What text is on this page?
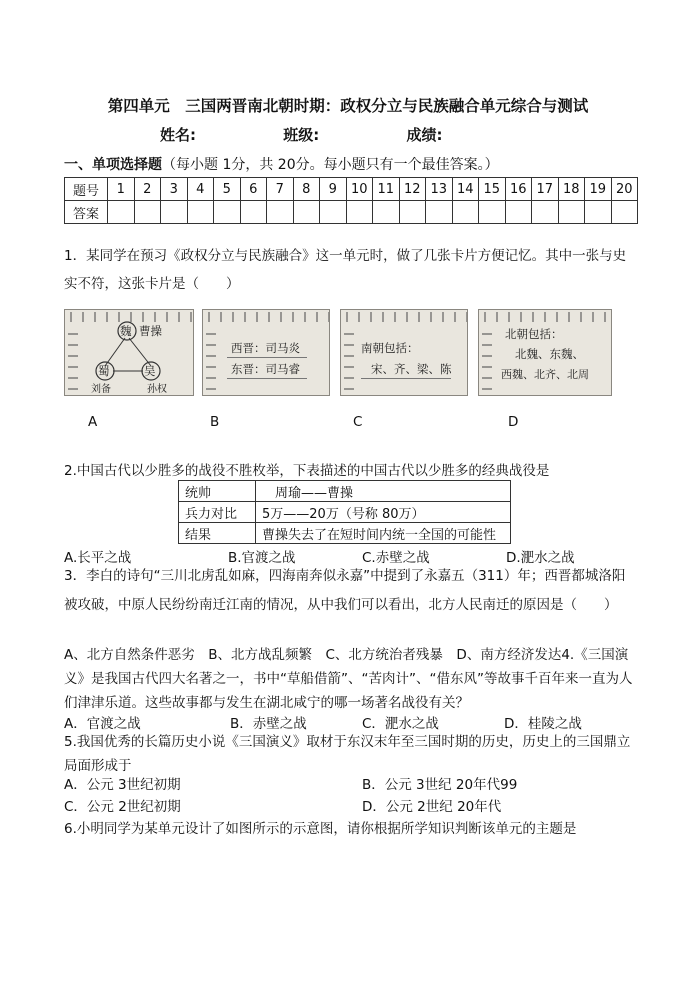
第四单元　三国两晋南北朝时期：政权分立与民族融合单元综合与测试
姓名:	班级:	成绩:
一、单项选择题（每小题 1分，共 20分。每小题只有一个最佳答案。）
题号	1	2	3	4	5	6	7	8	9	10	11	12	13	14	15	16	17	18	19	20
答案																				
1．某同学在预习《政权分立与民族融合》这一单元时，做了几张卡片方便记忆。其中一张与史实不符，这张卡片是（　　）
魏 曹操
蜀	吴
刘备	孙权
西晋：司马炎
东晋：司马睿
南朝包括：
宋、齐、梁、陈
北朝包括：
北魏、东魏、
西魏、北齐、北周
A	B	C	D
2.中国古代以少胜多的战役不胜枚举，下表描述的中国古代以少胜多的经典战役是
统帅	　周瑜——曹操
兵力对比	5万——20万（号称 80万）
结果	曹操失去了在短时间内统一全国的可能性
A.长平之战	B.官渡之战	C.赤壁之战	D.淝水之战
3．李白的诗句“三川北虏乱如麻，四海南奔似永嘉”中提到了永嘉五（311）年；西晋都城洛阳被攻破，中原人民纷纷南迁江南的情况，从中我们可以看出，北方人民南迁的原因是（　　）
A、北方自然条件恶劣　B、北方战乱频繁　C、北方统治者残暴　D、南方经济发达4.《三国演义》是我国古代四大名著之一，书中“草船借箭”、“苦肉计”、“借东风”等故事千百年来一直为人们津津乐道。这些故事都与发生在湖北咸宁的哪一场著名战役有关？
A．官渡之战	B．赤壁之战	C．淝水之战	D．桂陵之战
5.我国优秀的长篇历史小说《三国演义》取材于东汉末年至三国时期的历史，历史上的三国鼎立局面形成于
A．公元 3世纪初期	B．公元 3世纪 20年代99
C．公元 2世纪初期	D．公元 2世纪 20年代
6.小明同学为某单元设计了如图所示的示意图，请你根据所学知识判断该单元的主题是
